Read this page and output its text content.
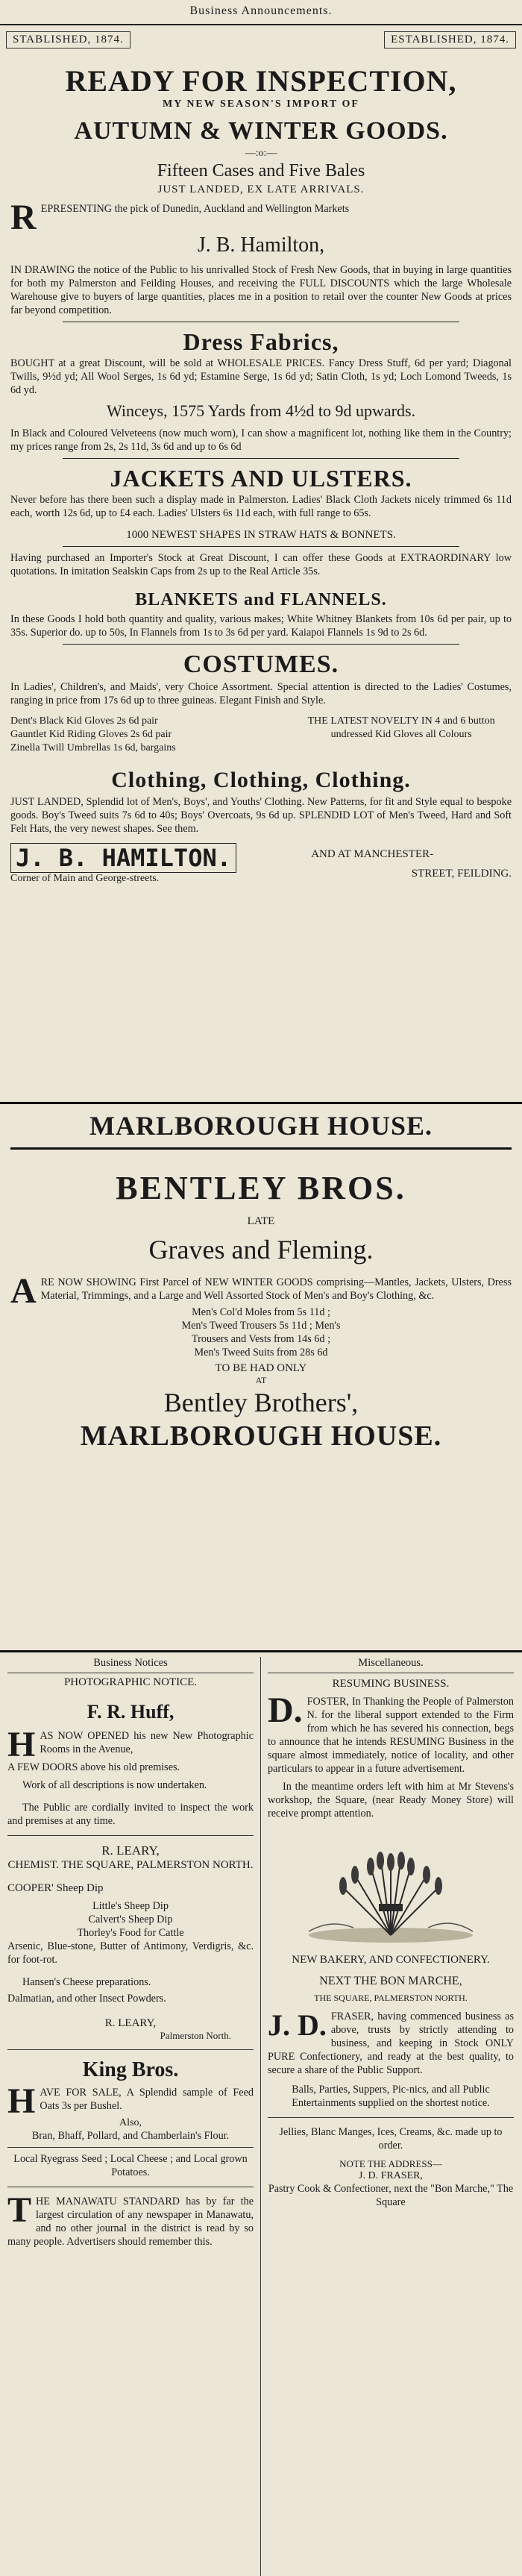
Business Announcements.
STABLISHED, 1874.	ESTABLISHED, 1874.
READY FOR INSPECTION,
MY NEW SEASON'S IMPORT OF
AUTUMN & WINTER GOODS.
—:o:—
Fifteen Cases and Five Bales
JUST LANDED, EX LATE ARRIVALS.
REPRESENTING the pick of Dunedin, Auckland and Wellington Markets
J. B. Hamilton,
IN DRAWING the notice of the Public to his unrivalled Stock of Fresh New Goods, that in buying in large quantities for both my Palmerston and Feilding Houses, and receiving the FULL DISCOUNTS which the large Wholesale Warehouse give to buyers of large quantities, places me in a position to retail over the counter New Goods at prices far beyond competition.
Dress Fabrics,
BOUGHT at a great Discount, will be sold at WHOLESALE PRICES. Fancy Dress Stuff, 6d per yard; Diagonal Twills, 9½d yd; All Wool Serges, 1s 6d yd; Estamine Serge, 1s 6d yd; Satin Cloth, 1s yd; Loch Lomond Tweeds, 1s 6d yd.
Winceys, 1575 Yards from 4½d to 9d upwards.
In Black and Coloured Velveteens (now much worn), I can show a magnificent lot, nothing like them in the Country; my prices range from 2s, 2s 11d, 3s 6d and up to 6s 6d
JACKETS AND ULSTERS.
Never before has there been such a display made in Palmerston. Ladies' Black Cloth Jackets nicely trimmed 6s 11d each, worth 12s 6d, up to £4 each. Ladies' Ulsters 6s 11d each, with full range to 65s.
1000 NEWEST SHAPES IN STRAW HATS & BONNETS.
Having purchased an Importer's Stock at Great Discount, I can offer these Goods at EXTRAORDINARY low quotations. In imitation Sealskin Caps from 2s up to the Real Article 35s.
BLANKETS and FLANNELS.
In these Goods I hold both quantity and quality, various makes; White Whitney Blankets from 10s 6d per pair, up to 35s. Superior do. up to 50s, In Flannels from 1s to 3s 6d per yard. Kaiapoi Flannels 1s 9d to 2s 6d.
COSTUMES.
In Ladies', Children's, and Maids', very Choice Assortment. Special attention is directed to the Ladies' Costumes, ranging in price from 17s 6d up to three guineas. Elegant Finish and Style.
Dent's Black Kid Gloves 2s 6d pair
Gauntlet Kid Riding Gloves 2s 6d pair
Zinella Twill Umbrellas 1s 6d, bargains
THE LATEST NOVELTY IN 4 and 6 button undressed Kid Gloves all Colours
Clothing, Clothing, Clothing.
JUST LANDED, Splendid lot of Men's, Boys', and Youths' Clothing. New Patterns, for fit and Style equal to bespoke goods. Boy's Tweed suits 7s 6d to 40s; Boys' Overcoats, 9s 6d up. SPLENDID LOT of Men's Tweed, Hard and Soft Felt Hats, the very newest shapes. See them.
J. B. HAMILTON.
Corner of Main and George-streets.
AND AT MANCHESTER-
STREET, FEILDING.
MARLBOROUGH HOUSE.
BENTLEY BROS.
LATE
Graves and Fleming.
ARE NOW SHOWING First Parcel of NEW WINTER GOODS comprising—Mantles, Jackets, Ulsters, Dress Material, Trimmings, and a Large and Well Assorted Stock of Men's and Boy's Clothing, &c.
Men's Col'd Moles from 5s 11d ;
Men's Tweed Trousers 5s 11d ; Men's
Trousers and Vests from 14s 6d ;
Men's Tweed Suits from 28s 6d
TO BE HAD ONLY
AT
Bentley Brothers',
MARLBOROUGH HOUSE.
Business Notices
PHOTOGRAPHIC NOTICE.
F. R. Huff,
HAS NOW OPENED his new New Photographic Rooms in the Avenue,
A FEW DOORS above his old premises.
Work of all descriptions is now undertaken.
The Public are cordially invited to inspect the work and premises at any time.
R. LEARY,
CHEMIST. THE SQUARE, PALMERSTON NORTH.
COOPER' Sheep Dip
Little's Sheep Dip
Calvert's Sheep Dip
Thorley's Food for Cattle
Arsenic, Blue-stone, Butter of Antimony, Verdigris, &c. for foot-rot.
Hansen's Cheese preparations.
Dalmatian, and other Insect Powders.
R. LEARY,
Palmerston North.
King Bros.
HAVE FOR SALE, A Splendid sample of Feed Oats 3s per Bushel.
Also,
Bran, Bhaff, Pollard, and Chamberlain's Flour.
Local Ryegrass Seed ; Local Cheese ; and Local grown Potatoes.
THE MANAWATU STANDARD has by far the largest circulation of any newspaper in Manawatu, and no other journal in the district is read by so many people. Advertisers should remember this.
Miscellaneous.
RESUMING BUSINESS.
D. FOSTER, In Thanking the People of Palmerston N. for the liberal support extended to the Firm from which he has severed his connection, begs to announce that he intends RESUMING Business in the square almost immediately, notice of locality, and other particulars to appear in a future advertisement.
In the meantime orders left with him at Mr Stevens's workshop, the Square, (near Ready Money Store) will receive prompt attention.
NEW BAKERY, AND CONFECTIONERY.
NEXT THE BON MARCHE,
THE SQUARE, PALMERSTON NORTH.
J. D. FRASER, having commenced business as above, trusts by strictly attending to business, and keeping in Stock ONLY PURE Confectionery, and ready at the best quality, to secure a share of the Public Support.
Balls, Parties, Suppers, Pic-nics, and all Public Entertainments supplied on the shortest notice.
Jellies, Blanc Manges, Ices, Creams, &c. made up to order.
NOTE THE ADDRESS—
J. D. FRASER,
Pastry Cook & Confectioner, next the "Bon Marche," The Square
